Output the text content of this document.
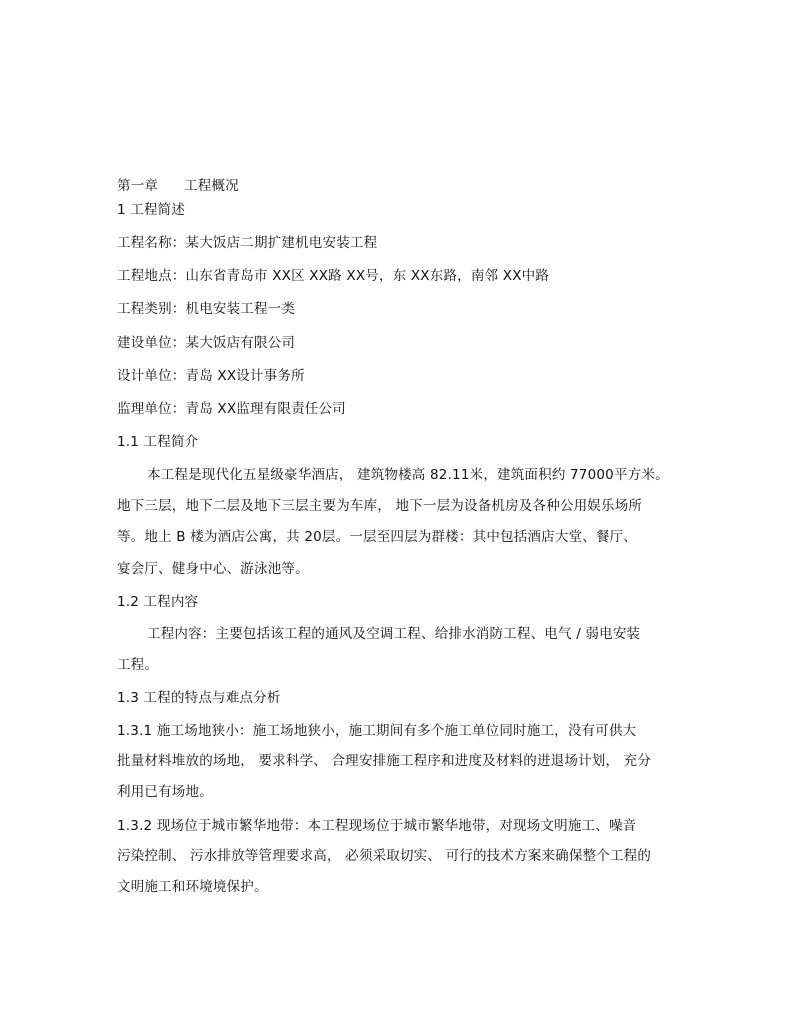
第一章 工程概况
1 工程简述
工程名称：某大饭店二期扩建机电安装工程
工程地点：山东省青岛市 XX区 XX路 XX号，东 XX东路，南邻 XX中路
工程类别：机电安装工程一类
建设单位：某大饭店有限公司
设计单位：青岛 XX设计事务所
监理单位：青岛 XX监理有限责任公司
1.1 工程简介
本工程是现代化五星级豪华酒店， 建筑物楼高 82.11米，建筑面积约 77000平方米。
地下三层，地下二层及地下三层主要为车库， 地下一层为设备机房及各种公用娱乐场所
等。地上 B 楼为酒店公寓，共 20层。一层至四层为群楼：其中包括酒店大堂、餐厅、
宴会厅、健身中心、游泳池等。
1.2 工程内容
工程内容：主要包括该工程的通风及空调工程、给排水消防工程、电气 / 弱电安装
工程。
1.3 工程的特点与难点分析
1.3.1 施工场地狭小：施工场地狭小，施工期间有多个施工单位同时施工，没有可供大
批量材料堆放的场地， 要求科学、 合理安排施工程序和进度及材料的进退场计划， 充分
利用已有场地。
1.3.2 现场位于城市繁华地带：本工程现场位于城市繁华地带，对现场文明施工、噪音
污染控制、 污水排放等管理要求高， 必须采取切实、 可行的技术方案来确保整个工程的
文明施工和环境境保护。
